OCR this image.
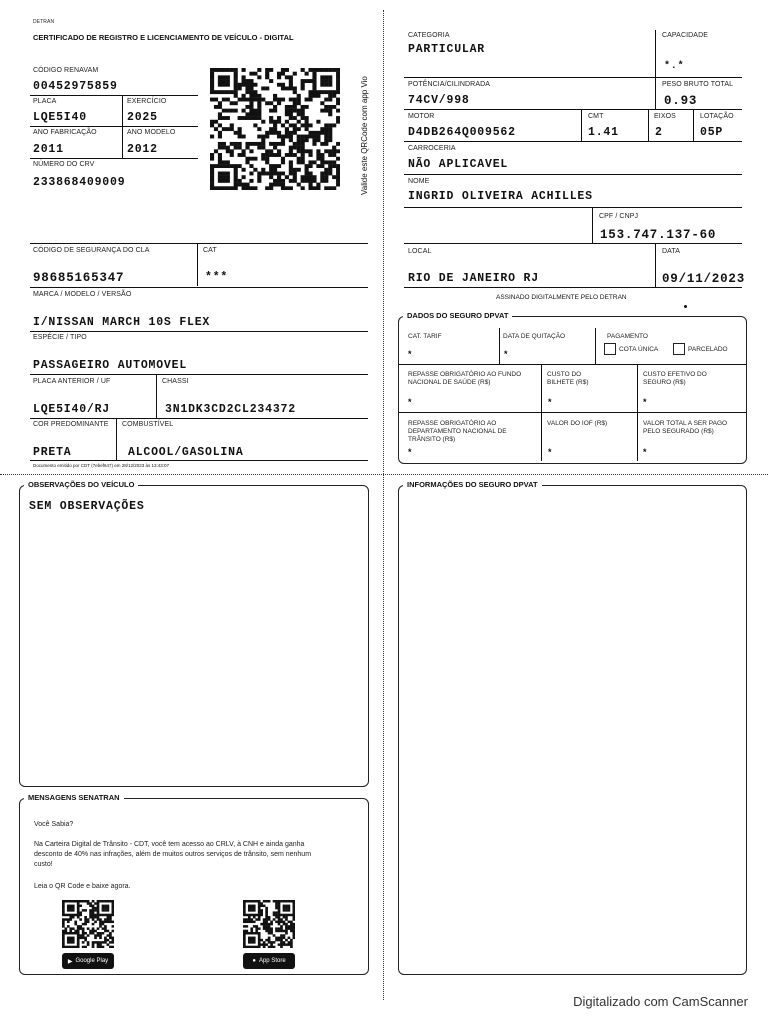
DETRAN
CERTIFICADO DE REGISTRO E LICENCIAMENTO DE VEÍCULO - DIGITAL
CÓDIGO RENAVAM
00452975859
PLACA
LQE5I40
EXERCÍCIO
2025
ANO FABRICAÇÃO
2011
ANO MODELO
2012
NÚMERO DO CRV
233868409009	Valide este QRCode com app Vio
CÓDIGO DE SEGURANÇA DO CLA
98685165347
CAT
***
MARCA / MODELO / VERSÃO
I/NISSAN MARCH 10S FLEX
ESPÉCIE / TIPO
PASSAGEIRO AUTOMOVEL
PLACA ANTERIOR / UF
LQE5I40/RJ
CHASSI
3N1DK3CD2CL234372
COR PREDOMINANTE
PRETA
COMBUSTÍVEL
ALCOOL/GASOLINA
Documento emitido por CDT (7ebef647) em 28/12/2023 às 13:43:07
CATEGORIA
PARTICULAR
CAPACIDADE
*.*
POTÊNCIA/CILINDRADA
74CV/998
PESO BRUTO TOTAL
0.93
MOTOR
D4DB264Q009562
CMT
1.41
EIXOS
2
LOTAÇÃO
05P
CARROCERIA
NÃO APLICAVEL
NOME
INGRID OLIVEIRA ACHILLES
CPF / CNPJ
153.747.137-60
LOCAL
RIO DE JANEIRO RJ
DATA
09/11/2023
ASSINADO DIGITALMENTE PELO DETRAN
DADOS DO SEGURO DPVAT
CAT. TARIF
*
DATA DE QUITAÇÃO
*
PAGAMENTO
COTA ÚNICA	PARCELADO
REPASSE OBRIGATÓRIO AO FUNDO NACIONAL DE SAÚDE (R$)
*
CUSTO DO BILHETE (R$)
*
CUSTO EFETIVO DO SEGURO (R$)
*
REPASSE OBRIGATÓRIO AO DEPARTAMENTO NACIONAL DE TRÂNSITO (R$)
*
VALOR DO IOF (R$)
*
VALOR TOTAL A SER PAGO PELO SEGURADO (R$)
*
OBSERVAÇÕES DO VEÍCULO
SEM OBSERVAÇÕES
MENSAGENS SENATRAN
Você Sabia?
Na Carteira Digital de Trânsito - CDT, você tem acesso ao CRLV, à CNH e ainda ganha desconto de 40% nas infrações, além de muitos outros serviços de trânsito, sem nenhum custo!
Leia o QR Code e baixe agora.
▶ Google Play	● App Store
INFORMAÇÕES DO SEGURO DPVAT
Digitalizado com CamScanner
